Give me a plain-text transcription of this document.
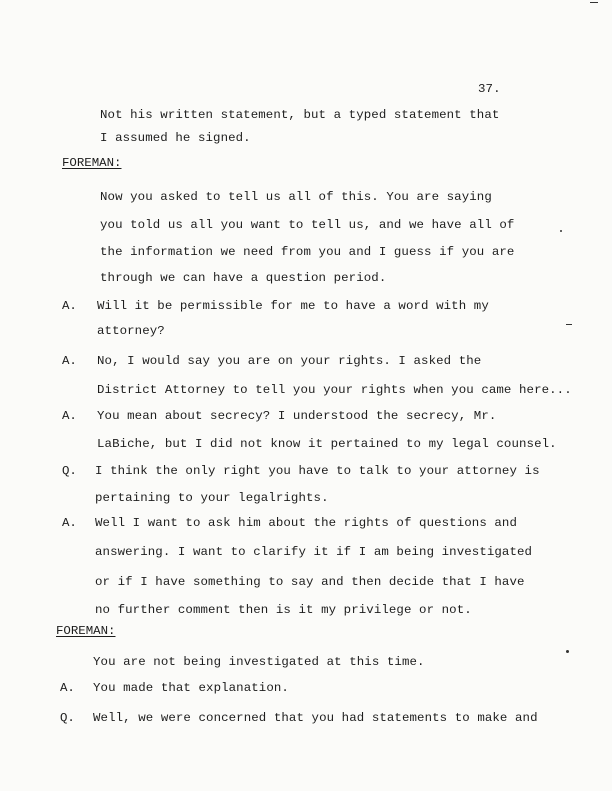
37.
Not his written statement, but a typed statement that
I assumed he signed.
FOREMAN:
Now you asked to tell us all of this. You are saying
you told us all you want to tell us, and we have all of
the information we need from you and I guess if you are
through we can have a question period.
A. Will it be permissible for me to have a word with my
attorney?
A. No, I would say you are on your rights. I asked the
District Attorney to tell you your rights when you came here...
A. You mean about secrecy? I understood the secrecy, Mr.
LaBiche, but I did not know it pertained to my legal counsel.
Q. I think the only right you have to talk to your attorney is
pertaining to your legalrights.
A. Well I want to ask him about the rights of questions and
answering. I want to clarify it if I am being investigated
or if I have something to say and then decide that I have
no further comment then is it my privilege or not.
FOREMAN:
You are not being investigated at this time.
A. You made that explanation.
Q. Well, we were concerned that you had statements to make and
